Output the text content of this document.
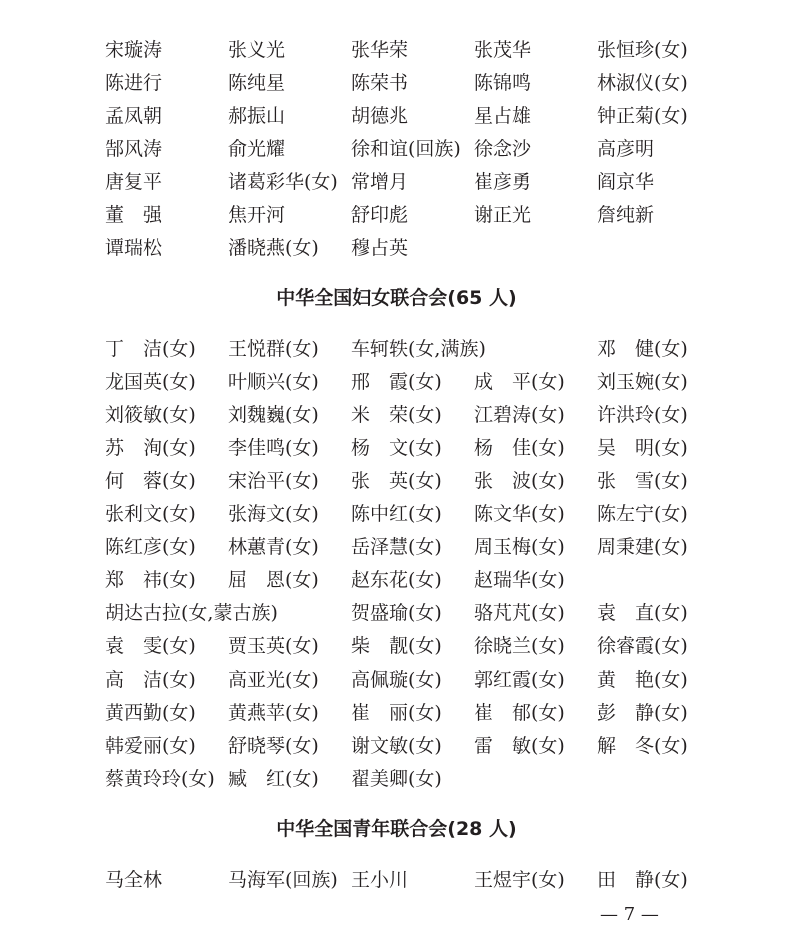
宋璇涛	张义光	张华荣	张茂华	张恒珍(女)
陈进行	陈纯星	陈荣书	陈锦鸣	林淑仪(女)
孟凤朝	郝振山	胡德兆	星占雄	钟正菊(女)
郜风涛	俞光耀	徐和谊(回族) 徐念沙	高彦明
唐复平	诸葛彩华(女) 常增月	崔彦勇	阎京华
董　强	焦开河	舒印彪	谢正光	詹纯新
谭瑞松	潘晓燕(女) 穆占英
中华全国妇女联合会(65 人)
丁　洁(女) 王悦群(女) 车轲轶(女,满族)	邓　健(女)
龙国英(女) 叶顺兴(女) 邢　霞(女) 成　平(女) 刘玉婉(女)
刘筱敏(女) 刘魏巍(女) 米　荣(女) 江碧涛(女) 许洪玲(女)
苏　洵(女) 李佳鸣(女) 杨　文(女) 杨　佳(女) 吴　明(女)
何　蓉(女) 宋治平(女) 张　英(女) 张　波(女) 张　雪(女)
张利文(女) 张海文(女) 陈中红(女) 陈文华(女) 陈左宁(女)
陈红彦(女) 林蕙青(女) 岳泽慧(女) 周玉梅(女) 周秉建(女)
郑　祎(女) 屈　恩(女) 赵东花(女) 赵瑞华(女)
胡达古拉(女,蒙古族)	贺盛瑜(女) 骆芃芃(女) 袁　直(女)
袁　雯(女) 贾玉英(女) 柴　靓(女) 徐晓兰(女) 徐睿霞(女)
高　洁(女) 高亚光(女) 高佩璇(女) 郭红霞(女) 黄　艳(女)
黄西勤(女) 黄燕苹(女) 崔　丽(女) 崔　郁(女) 彭　静(女)
韩爱丽(女) 舒晓琴(女) 谢文敏(女) 雷　敏(女) 解　冬(女)
蔡黄玲玲(女) 臧　红(女) 翟美卿(女)
中华全国青年联合会(28 人)
马全林	马海军(回族) 王小川	王煜宇(女) 田　静(女)
— 7 —
